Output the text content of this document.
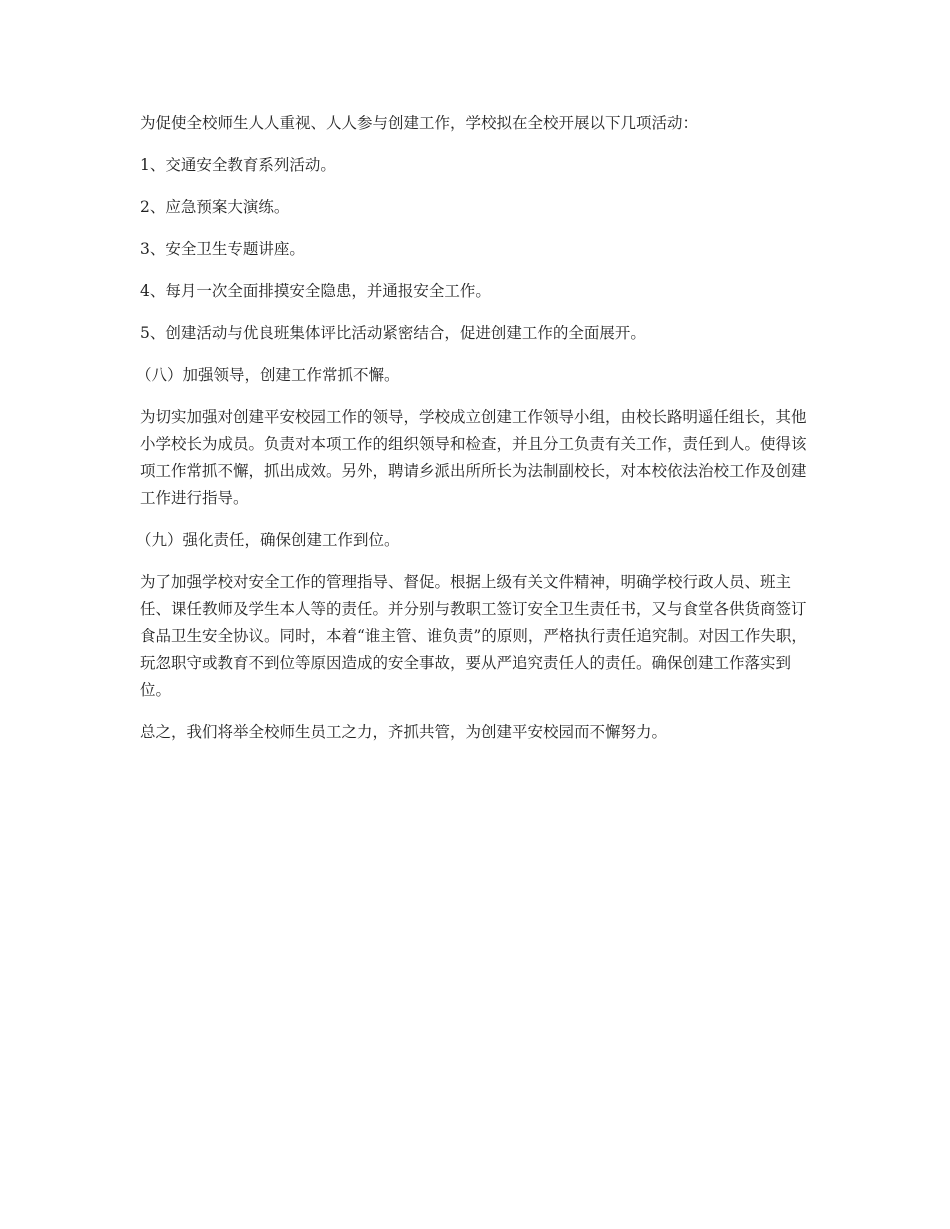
为促使全校师生人人重视、人人参与创建工作，学校拟在全校开展以下几项活动：

1、交通安全教育系列活动。

2、应急预案大演练。

3、安全卫生专题讲座。

4、每月一次全面排摸安全隐患，并通报安全工作。

5、创建活动与优良班集体评比活动紧密结合，促进创建工作的全面展开。

（八）加强领导，创建工作常抓不懈。

为切实加强对创建平安校园工作的领导，学校成立创建工作领导小组，由校长路明遥任组长，其他小学校长为成员。负责对本项工作的组织领导和检查，并且分工负责有关工作，责任到人。使得该项工作常抓不懈，抓出成效。另外，聘请乡派出所所长为法制副校长，对本校依法治校工作及创建工作进行指导。

（九）强化责任，确保创建工作到位。

为了加强学校对安全工作的管理指导、督促。根据上级有关文件精神，明确学校行政人员、班主任、课任教师及学生本人等的责任。并分别与教职工签订安全卫生责任书，又与食堂各供货商签订食品卫生安全协议。同时，本着“谁主管、谁负责”的原则，严格执行责任追究制。对因工作失职，玩忽职守或教育不到位等原因造成的安全事故，要从严追究责任人的责任。确保创建工作落实到位。

总之，我们将举全校师生员工之力，齐抓共管，为创建平安校园而不懈努力。
